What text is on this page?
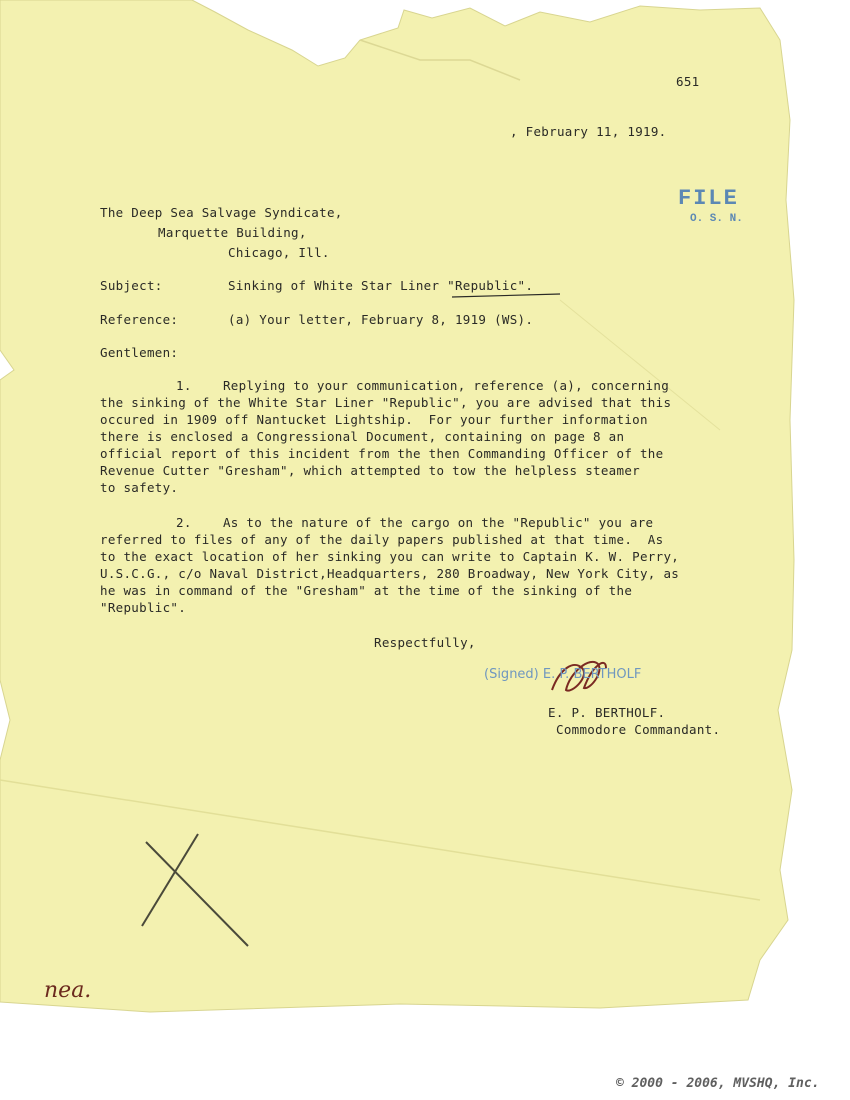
651
, February 11, 1919.
FILE
O. S. N.
The Deep Sea Salvage Syndicate,
Marquette Building,
Chicago, Ill.
Subject:	Sinking of White Star Liner "Republic".
Reference:	(a) Your letter, February 8, 1919 (WS).
Gentlemen:
1.    Replying to your communication, reference (a), concerning
the sinking of the White Star Liner "Republic", you are advised that this
occured in 1909 off Nantucket Lightship.  For your further information
there is enclosed a Congressional Document, containing on page 8 an
official report of this incident from the then Commanding Officer of the
Revenue Cutter "Gresham", which attempted to tow the helpless steamer
to safety.
2.    As to the nature of the cargo on the "Republic" you are
referred to files of any of the daily papers published at that time.  As
to the exact location of her sinking you can write to Captain K. W. Perry,
U.S.C.G., c/o Naval District,Headquarters, 280 Broadway, New York City, as
he was in command of the "Gresham" at the time of the sinking of the
"Republic".
Respectfully,
(Signed) E. P. BERTHOLF
E. P. BERTHOLF.
Commodore Commandant.
nea.
© 2000 - 2006, MVSHQ, Inc.
